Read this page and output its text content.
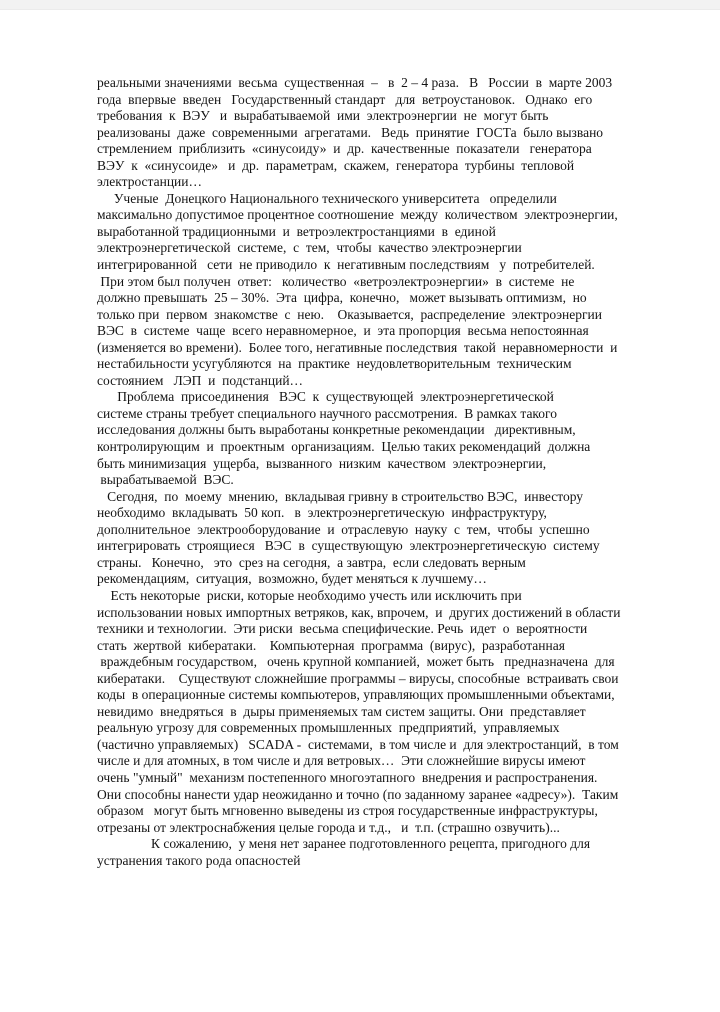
реальными значениями  весьма  существенная  –   в  2 – 4 раза.   В   России  в  марте 2003
года  впервые  введен   Государственный стандарт   для  ветроустановок.   Однако  его
требования  к  ВЭУ   и  вырабатываемой  ими  электроэнергии  не  могут быть
реализованы  даже  современными  агрегатами.   Ведь  принятие  ГОСТа  было вызвано
стремлением  приблизить  «синусоиду»  и  др.  качественные  показатели   генератора
ВЭУ  к  «синусоиде»   и  др.  параметрам,  скажем,  генератора  турбины  тепловой
электростанции…
Ученые  Донецкого Национального технического университета   определили
максимально допустимое процентное соотношение  между  количеством  электроэнергии,
выработанной традиционными  и  ветроэлектростанциями  в  единой
электроэнергетической  системе,  с  тем,  чтобы  качество электроэнергии
интегрированной   сети  не приводило  к  негативным последствиям   у  потребителей.
При этом был получен  ответ:   количество  «ветроэлектроэнергии»  в  системе  не
должно превышать  25 – 30%.  Эта  цифра,  конечно,   может вызывать оптимизм,  но
только при  первом  знакомстве  с  нею.    Оказывается,  распределение  электроэнергии
ВЭС  в  системе  чаще  всего неравномерное,  и  эта пропорция  весьма непостоянная
(изменяется во времени).  Более того, негативные последствия  такой  неравномерности  и
нестабильности усугубляются  на  практике  неудовлетворительным  техническим
состоянием   ЛЭП  и  подстанций…
Проблема  присоединения   ВЭС  к  существующей  электроэнергетической
системе страны требует специального научного рассмотрения.  В рамках такого
исследования должны быть выработаны конкретные рекомендации   директивным,
контролирующим  и  проектным  организациям.  Целью таких рекомендаций  должна
быть минимизация  ущерба,  вызванного  низким  качеством  электроэнергии,
вырабатываемой  ВЭС.
Сегодня,  по  моему  мнению,  вкладывая гривну в строительство ВЭС,  инвестору
необходимо  вкладывать  50 коп.   в  электроэнергетическую  инфраструктуру,
дополнительное  электрооборудование  и  отраслевую  науку  с  тем,  чтобы  успешно
интегрировать  строящиеся   ВЭС  в  существующую  электроэнергетическую  систему
страны.   Конечно,   это  срез на сегодня,  а завтра,  если следовать верным
рекомендациям,  ситуация,  возможно, будет меняться к лучшему…
Есть некоторые  риски, которые необходимо учесть или исключить при
использовании новых импортных ветряков, как, впрочем,  и  других достижений в области
техники и технологии.  Эти риски  весьма специфические. Речь  идет  о  вероятности
стать  жертвой  кибератаки.    Компьютерная  программа  (вирус),  разработанная
враждебным государством,   очень крупной компанией,  может быть   предназначена  для
кибератаки.    Существуют сложнейшие программы – вирусы, способные  встраивать свои
коды  в операционные системы компьютеров, управляющих промышленными объектами,
невидимо  внедряться  в  дыры применяемых там систем защиты. Они  представляет
реальную угрозу для современных промышленных  предприятий,  управляемых
(частично управляемых)   SCADA -  системами,  в том числе и  для электростанций,  в том
числе и для атомных, в том числе и для ветровых…  Эти сложнейшие вирусы имеют
очень "умный"  механизм постепенного многоэтапного  внедрения и распространения.
Они способны нанести удар неожиданно и точно (по заданному заранее «адресу»).  Таким
образом   могут быть мгновенно выведены из строя государственные инфраструктуры,
отрезаны от электроснабжения целые города и т.д.,   и  т.п. (страшно озвучить)...
К сожалению,  у меня нет заранее подготовленного рецепта, пригодного для
устранения такого рода опасностей
